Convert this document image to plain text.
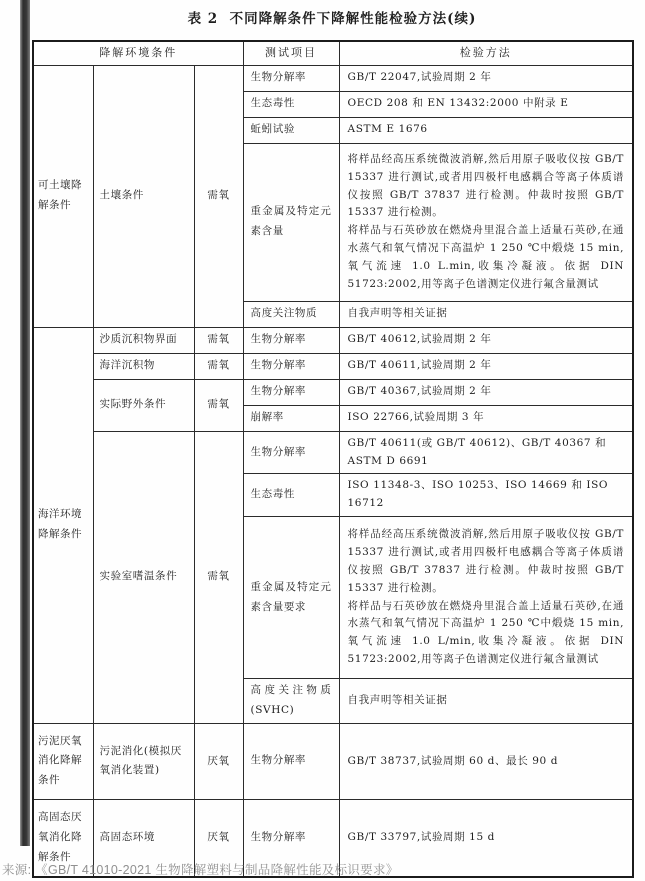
表 2  不同降解条件下降解性能检验方法(续)
降解环境条件			测试项目	检验方法
可土壤降解条件	土壤条件	需氧	生物分解率	GB/T 22047,试验周期 2 年
			生态毒性	OECD 208 和 EN 13432:2000 中附录 E
			蚯蚓试验	ASTM E 1676
			重金属及特定元素含量	将样品经高压系统微波消解,然后用原子吸收仪按 GB/T 15337 进行测试,或者用四极杆电感耦合等离子体质谱仪按照 GB/T 37837 进行检测。仲裁时按照 GB/T 15337 进行检测。

将样品与石英砂放在燃烧舟里混合盖上适量石英砂,在通水蒸气和氧气情况下高温炉 1 250 ℃中煅烧 15 min,氧气流速 1.0 L.min,收集冷凝液。依据 DIN 51723:2002,用等离子色谱测定仪进行氟含量测试

			高度关注物质	自我声明等相关证据
海洋环境降解条件	沙质沉积物界面	需氧	生物分解率	GB/T 40612,试验周期 2 年
	海洋沉积物	需氧	生物分解率	GB/T 40611,试验周期 2 年
	实际野外条件	需氧	生物分解率	GB/T 40367,试验周期 2 年
			崩解率	ISO 22766,试验周期 3 年
	实验室嗜温条件	需氧	生物分解率	GB/T 40611(或 GB/T 40612)、GB/T 40367 和 ASTM D 6691
			生态毒性	ISO 11348-3、ISO 10253、ISO 14669 和 ISO 16712
			重金属及特定元素含量要求	将样品经高压系统微波消解,然后用原子吸收仪按 GB/T 15337 进行测试,或者用四极杆电感耦合等离子体质谱仪按照 GB/T 37837 进行检测。仲裁时按照 GB/T 15337 进行检测。

将样品与石英砂放在燃烧舟里混合盖上适量石英砂,在通水蒸气和氧气情况下高温炉 1 250 ℃中煅烧 15 min,氧气流速 1.0 L/min,收集冷凝液。依据 DIN 51723:2002,用等离子色谱测定仪进行氟含量测试

			高度关注物质(SVHC)	自我声明等相关证据
污泥厌氧消化降解条件	污泥消化(模拟厌氧消化装置)	厌氧	生物分解率	GB/T 38737,试验周期 60 d、最长 90 d
高固态厌氧消化降解条件	高固态环境	厌氧	生物分解率	GB/T 33797,试验周期 15 d
来源: 《GB/T 41010-2021 生物降解塑料与制品降解性能及标识要求》
